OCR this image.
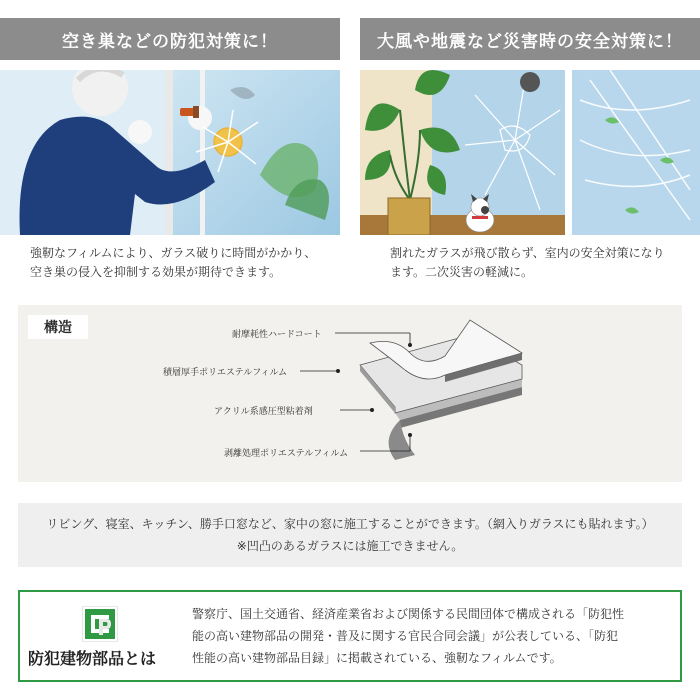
空き巣などの防犯対策に！	大風や地震など災害時の安全対策に！
強靭なフィルムにより、ガラス破りに時間がかかり、
空き巣の侵入を抑制する効果が期待できます。
割れたガラスが飛び散らず、室内の安全対策になり
ます。二次災害の軽減に。
構造	耐摩耗性ハードコート
積層厚手ポリエステルフィルム
アクリル系感圧型粘着剤
剥離処理ポリエステルフィルム
リビング、寝室、キッチン、勝手口窓など、家中の窓に施工することができます。（網入りガラスにも貼れます。）
※凹凸のあるガラスには施工できません。
防犯建物部品とは
警察庁、国土交通省、経済産業省および関係する民間団体で構成される「防犯性
能の高い建物部品の開発・普及に関する官民合同会議」が公表している、「防犯
性能の高い建物部品目録」に掲載されている、強靭なフィルムです。
